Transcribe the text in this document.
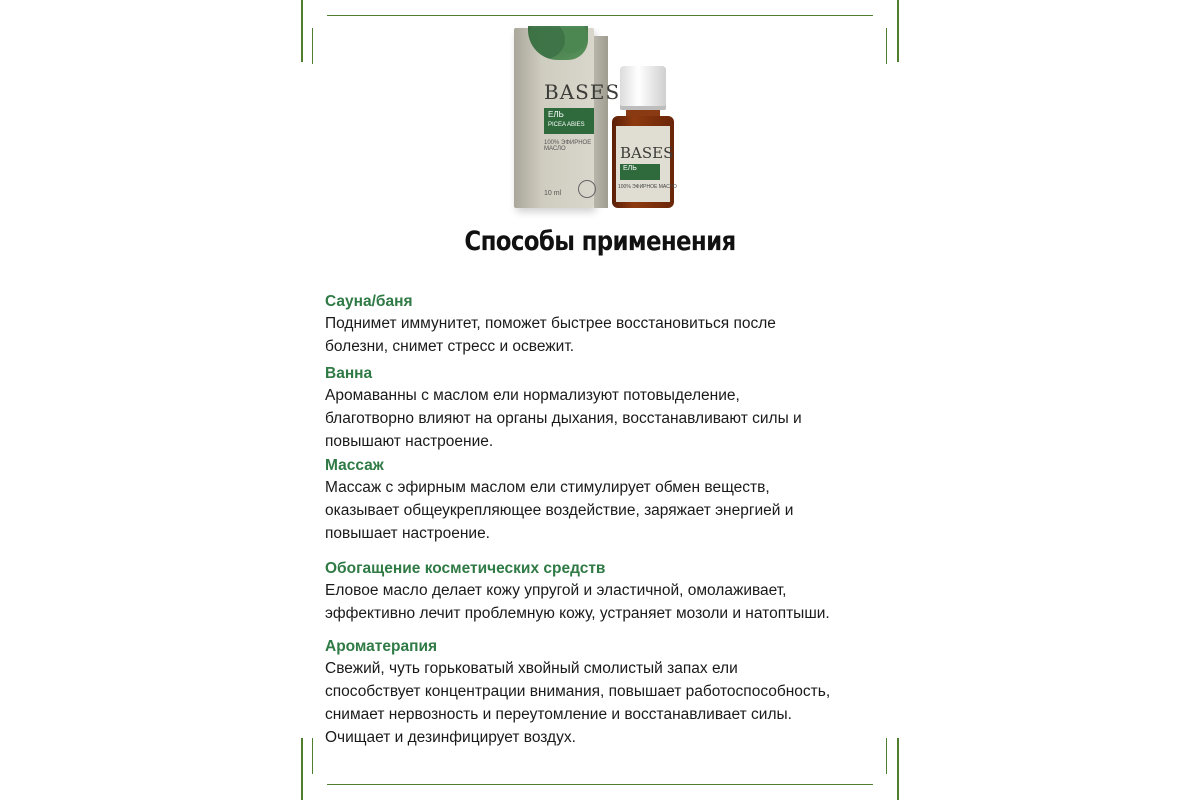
BASES
ЕЛЬ
PICEA ABIES
100% ЭФИРНОЕ МАСЛО
10 ml
BASES
ЕЛЬ
100% ЭФИРНОЕ МАСЛО
Способы применения
Сауна/баня
Поднимет иммунитет, поможет быстрее восстановиться после
болезни, снимет стресс и освежит.
Ванна
Аромаванны с маслом ели нормализуют потовыделение,
благотворно влияют на органы дыхания, восстанавливают силы и
повышают настроение.
Массаж
Массаж с эфирным маслом ели стимулирует обмен веществ,
оказывает общеукрепляющее воздействие, заряжает энергией и
повышает настроение.
Обогащение косметических средств
Еловое масло делает кожу упругой и эластичной, омолаживает,
эффективно лечит проблемную кожу, устраняет мозоли и натоптыши.
Ароматерапия
Свежий, чуть горьковатый хвойный смолистый запах ели
способствует концентрации внимания, повышает работоспособность,
снимает нервозность и переутомление и восстанавливает силы.
Очищает и дезинфицирует воздух.
